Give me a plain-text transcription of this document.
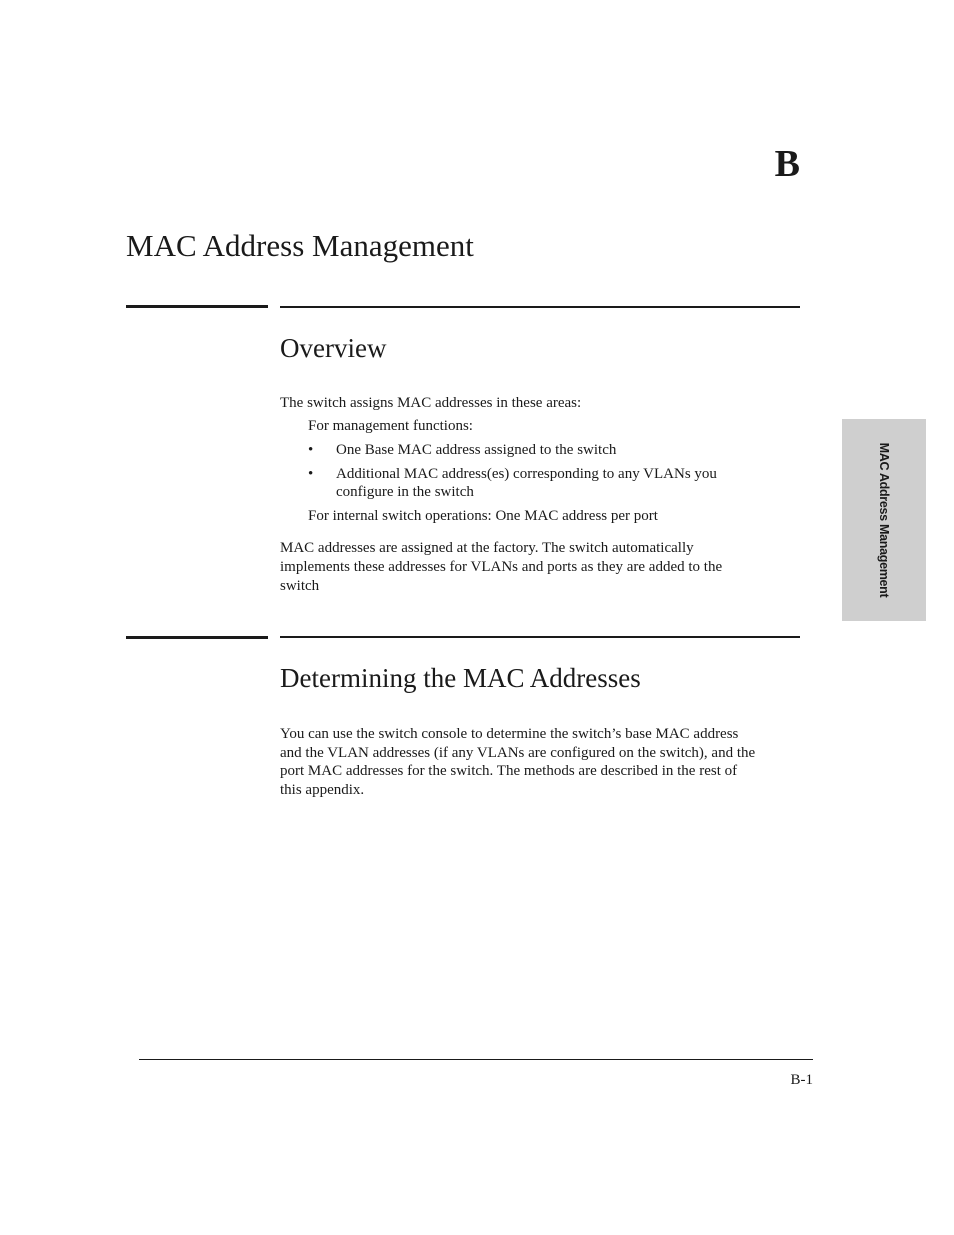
B
MAC Address Management
Overview
The switch assigns MAC addresses in these areas:
For management functions:
• One Base MAC address assigned to the switch
• Additional MAC address(es) corresponding to any VLANs you
configure in the switch
For internal switch operations: One MAC address per port
MAC addresses are assigned at the factory. The switch automatically
implements these addresses for VLANs and ports as they are added to the
switch
Determining the MAC Addresses
You can use the switch console to determine the switch’s base MAC address
and the VLAN addresses (if any VLANs are configured on the switch), and the
port MAC addresses for the switch. The methods are described in the rest of
this appendix.
MAC Address Management
B-1
